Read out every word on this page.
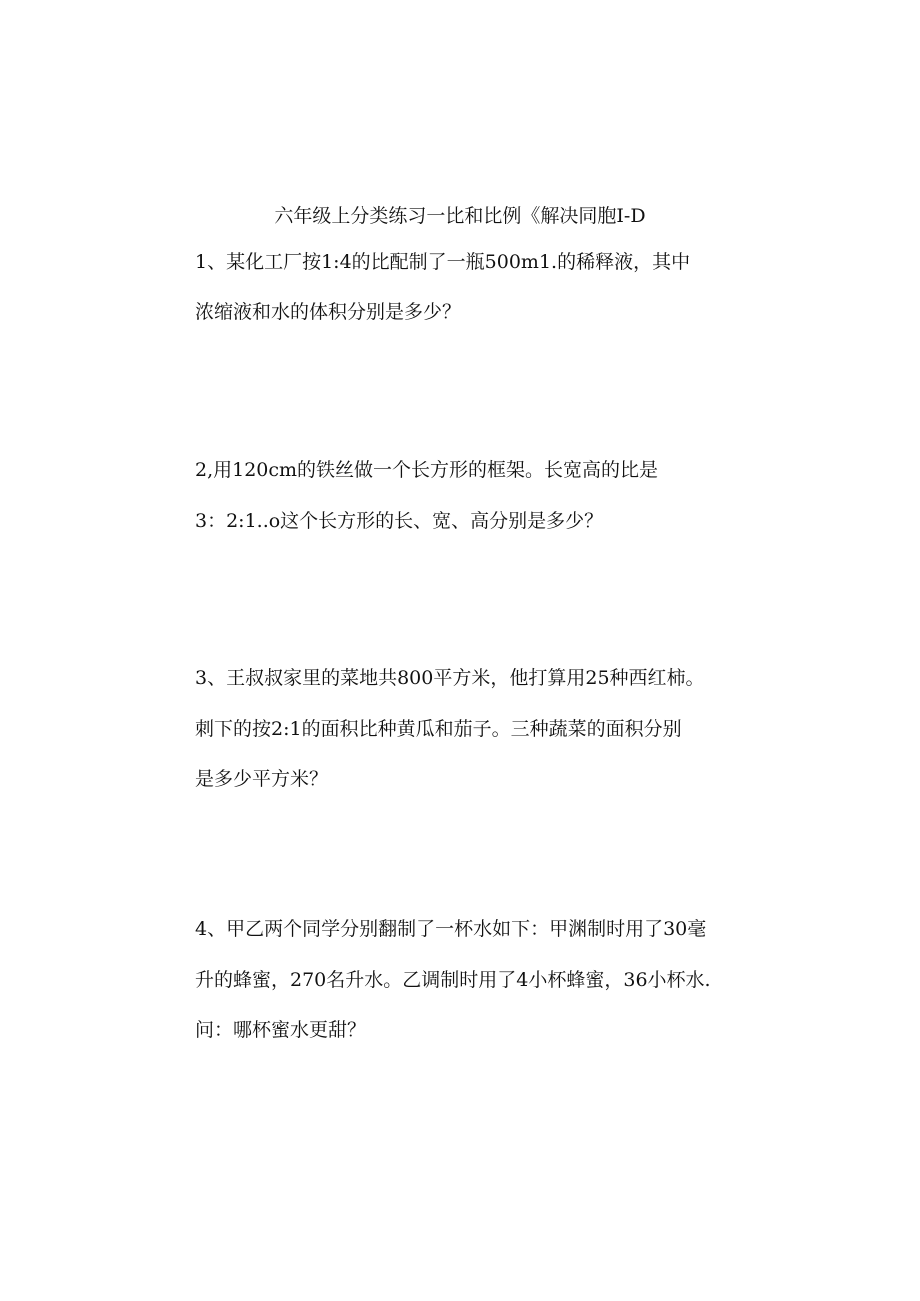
六年级上分类练习一比和比例《解决同胞I-D
1、某化工厂按1:4的比配制了一瓶500m1.的稀释液，其中
浓缩液和水的体积分别是多少？
2,用120cm的铁丝做一个长方形的框架。长宽高的比是
3：2:1..o这个长方形的长、宽、高分别是多少？
3、王叔叔家里的菜地共800平方米，他打算用25种西红柿。
刺下的按2:1的面积比种黄瓜和茄子。三种蔬菜的面积分别
是多少平方米？
4、甲乙两个同学分别翻制了一杯水如下：甲渊制时用了30毫
升的蜂蜜，270名升水。乙调制时用了4小杯蜂蜜，36小杯水.
问：哪杯蜜水更甜？
